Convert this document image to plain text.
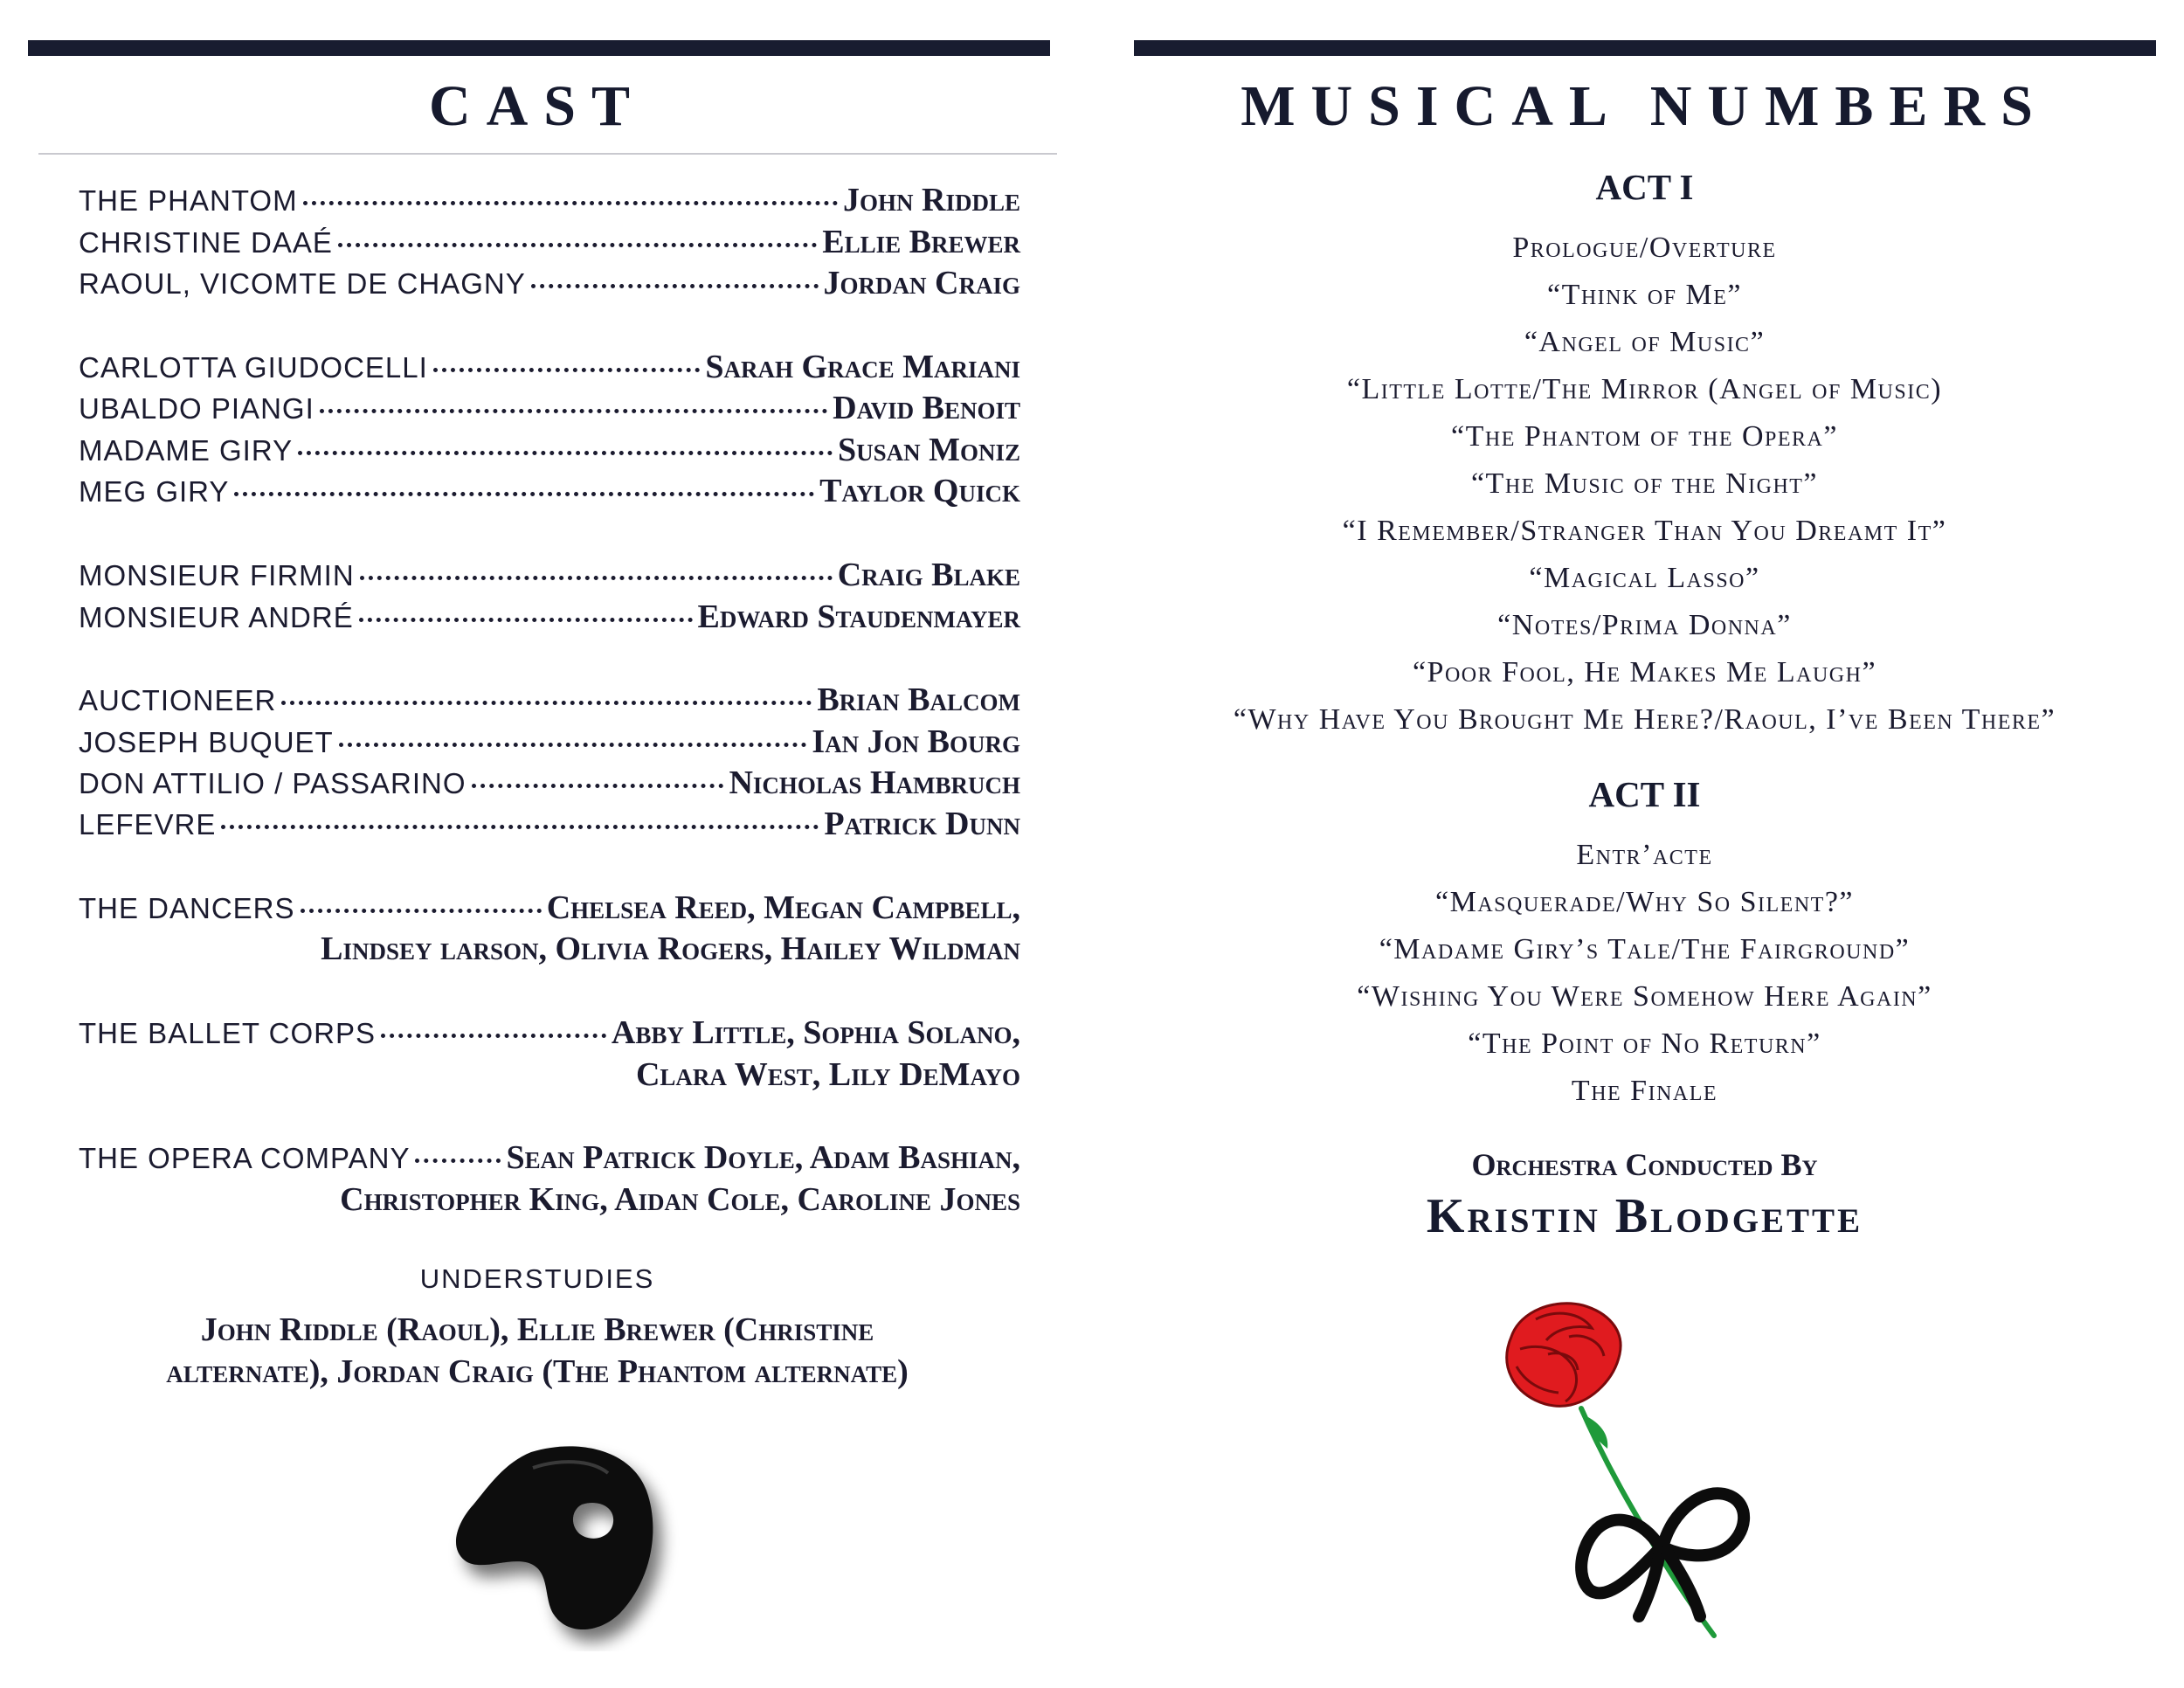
CAST
THE PHANTOM	John Riddle
CHRISTINE DAAÉ	Ellie Brewer
RAOUL, VICOMTE DE CHAGNY	Jordan Craig
CARLOTTA GIUDOCELLI	Sarah Grace Mariani
UBALDO PIANGI	David Benoit
MADAME GIRY	Susan Moniz
MEG GIRY	Taylor Quick
MONSIEUR FIRMIN	Craig Blake
MONSIEUR ANDRÉ	Edward Staudenmayer
AUCTIONEER	Brian Balcom
JOSEPH BUQUET	Ian Jon Bourg
DON ATTILIO / PASSARINO	Nicholas Hambruch
LEFEVRE	Patrick Dunn
THE DANCERS	Chelsea Reed, Megan Campbell,
Lindsey larson, Olivia Rogers, Hailey Wildman
THE BALLET CORPS	Abby Little, Sophia Solano,
Clara West, Lily DeMayo
THE OPERA COMPANY	Sean Patrick Doyle, Adam Bashian,
Christopher King, Aidan Cole, Caroline Jones
UNDERSTUDIES
John Riddle (Raoul), Ellie Brewer (Christine
alternate), Jordan Craig (The Phantom alternate)
MUSICAL NUMBERS
ACT I
Prologue/Overture
“Think of Me”
“Angel of Music”
“Little Lotte/The Mirror (Angel of Music)
“The Phantom of the Opera”
“The Music of the Night”
“I Remember/Stranger Than You Dreamt It”
“Magical Lasso”
“Notes/Prima Donna”
“Poor Fool, He Makes Me Laugh”
“Why Have You Brought Me Here?/Raoul, I’ve Been There”
ACT II
Entr’acte
“Masquerade/Why So Silent?”
“Madame Giry’s Tale/The Fairground”
“Wishing You Were Somehow Here Again”
“The Point of No Return”
The Finale
Orchestra Conducted By
Kristin Blodgette
